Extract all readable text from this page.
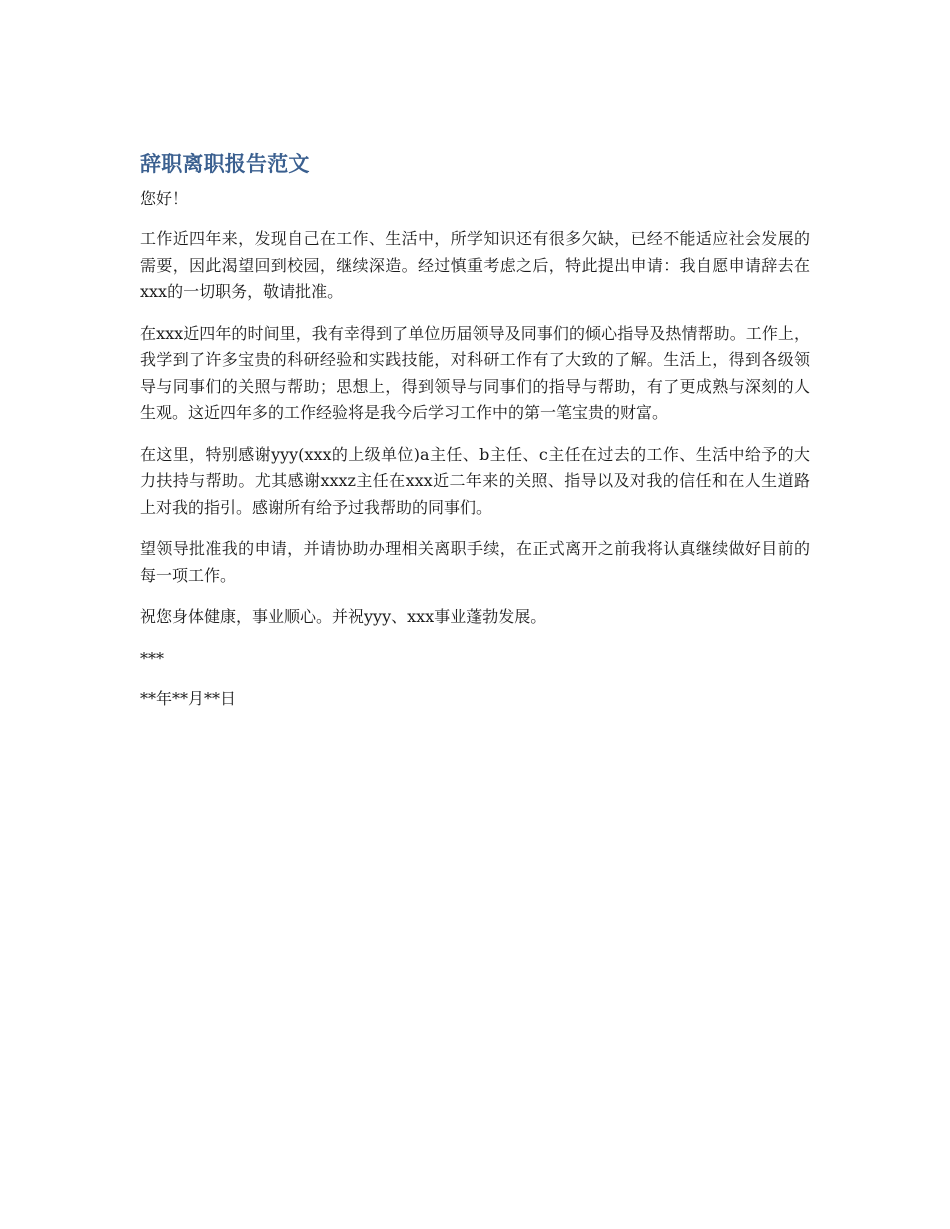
辞职离职报告范文

您好！

工作近四年来，发现自己在工作、生活中，所学知识还有很多欠缺，已经不能适应社会发展的需要，因此渴望回到校园，继续深造。经过慎重考虑之后，特此提出申请：我自愿申请辞去在xxx的一切职务，敬请批准。

在xxx近四年的时间里，我有幸得到了单位历届领导及同事们的倾心指导及热情帮助。工作上，我学到了许多宝贵的科研经验和实践技能，对科研工作有了大致的了解。生活上，得到各级领导与同事们的关照与帮助；思想上，得到领导与同事们的指导与帮助，有了更成熟与深刻的人生观。这近四年多的工作经验将是我今后学习工作中的第一笔宝贵的财富。

在这里，特别感谢yyy(xxx的上级单位)a主任、b主任、c主任在过去的工作、生活中给予的大力扶持与帮助。尤其感谢xxxz主任在xxx近二年来的关照、指导以及对我的信任和在人生道路上对我的指引。感谢所有给予过我帮助的同事们。

望领导批准我的申请，并请协助办理相关离职手续，在正式离开之前我将认真继续做好目前的每一项工作。

祝您身体健康，事业顺心。并祝yyy、xxx事业蓬勃发展。

***

**年**月**日
